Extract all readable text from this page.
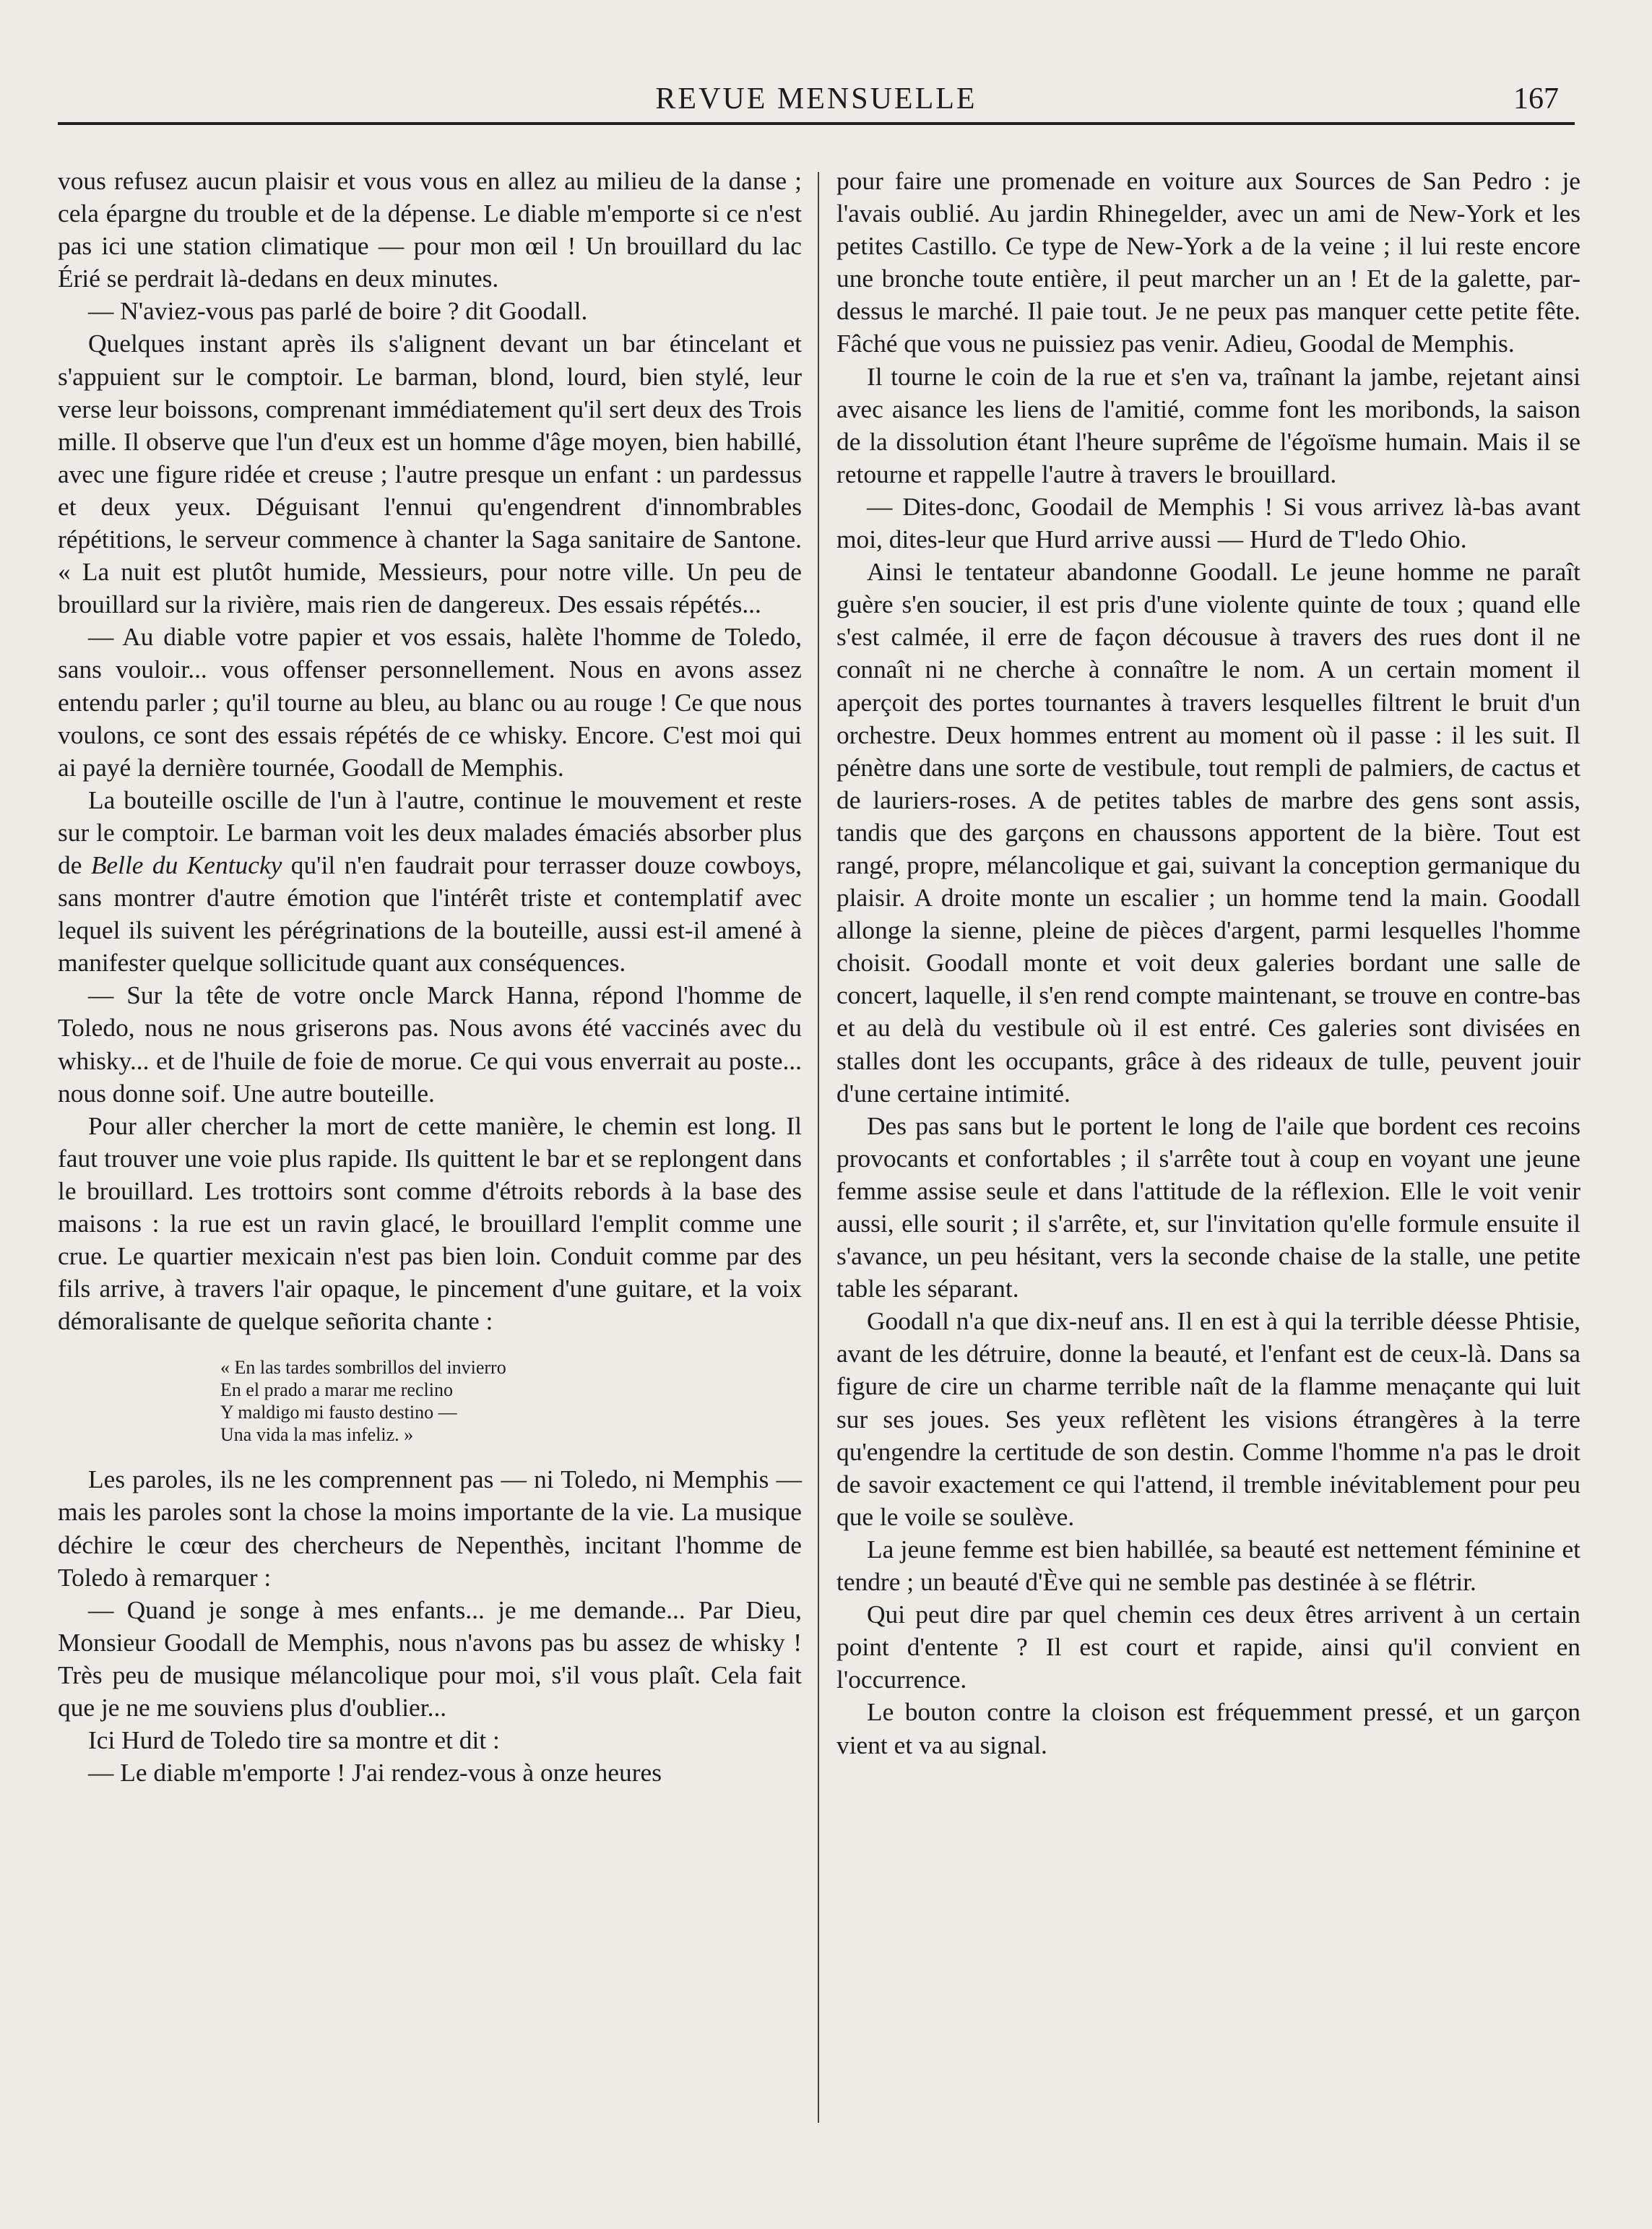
REVUE MENSUELLE	167

vous refusez aucun plaisir et vous vous en allez au milieu de la danse ; cela épargne du trouble et de la dépense. Le diable m'emporte si ce n'est pas ici une station climatique — pour mon œil ! Un brouillard du lac Érié se perdrait là-dedans en deux minutes.

— N'aviez-vous pas parlé de boire ? dit Goodall.

Quelques instant après ils s'alignent devant un bar étincelant et s'appuient sur le comptoir. Le barman, blond, lourd, bien stylé, leur verse leur boissons, comprenant immédiatement qu'il sert deux des Trois mille. Il observe que l'un d'eux est un homme d'âge moyen, bien habillé, avec une figure ridée et creuse ; l'autre presque un enfant : un pardessus et deux yeux. Déguisant l'ennui qu'engendrent d'innombrables répétitions, le serveur commence à chanter la Saga sanitaire de Santone. « La nuit est plutôt humide, Messieurs, pour notre ville. Un peu de brouillard sur la rivière, mais rien de dangereux. Des essais répétés...

— Au diable votre papier et vos essais, halète l'homme de Toledo, sans vouloir... vous offenser personnellement. Nous en avons assez entendu parler ; qu'il tourne au bleu, au blanc ou au rouge ! Ce que nous voulons, ce sont des essais répétés de ce whisky. Encore. C'est moi qui ai payé la dernière tournée, Goodall de Memphis.

La bouteille oscille de l'un à l'autre, continue le mouvement et reste sur le comptoir. Le barman voit les deux malades émaciés absorber plus de Belle du Kentucky qu'il n'en faudrait pour terrasser douze cowboys, sans montrer d'autre émotion que l'intérêt triste et contemplatif avec lequel ils suivent les pérégrinations de la bouteille, aussi est-il amené à manifester quelque sollicitude quant aux conséquences.

— Sur la tête de votre oncle Marck Hanna, répond l'homme de Toledo, nous ne nous griserons pas. Nous avons été vaccinés avec du whisky... et de l'huile de foie de morue. Ce qui vous enverrait au poste... nous donne soif. Une autre bouteille.

Pour aller chercher la mort de cette manière, le chemin est long. Il faut trouver une voie plus rapide. Ils quittent le bar et se replongent dans le brouillard. Les trottoirs sont comme d'étroits rebords à la base des maisons : la rue est un ravin glacé, le brouillard l'emplit comme une crue. Le quartier mexicain n'est pas bien loin. Conduit comme par des fils arrive, à travers l'air opaque, le pincement d'une guitare, et la voix démoralisante de quelque señorita chante :

« En las tardes sombrillos del invierro
En el prado a marar me reclino
Y maldigo mi fausto destino —
Una vida la mas infeliz. »

Les paroles, ils ne les comprennent pas — ni Toledo, ni Memphis — mais les paroles sont la chose la moins importante de la vie. La musique déchire le cœur des chercheurs de Nepenthès, incitant l'homme de Toledo à remarquer :

— Quand je songe à mes enfants... je me demande... Par Dieu, Monsieur Goodall de Memphis, nous n'avons pas bu assez de whisky ! Très peu de musique mélancolique pour moi, s'il vous plaît. Cela fait que je ne me souviens plus d'oublier...

Ici Hurd de Toledo tire sa montre et dit :

— Le diable m'emporte ! J'ai rendez-vous à onze heures

pour faire une promenade en voiture aux Sources de San Pedro : je l'avais oublié. Au jardin Rhinegelder, avec un ami de New-York et les petites Castillo. Ce type de New-York a de la veine ; il lui reste encore une bronche toute entière, il peut marcher un an ! Et de la galette, par-dessus le marché. Il paie tout. Je ne peux pas manquer cette petite fête. Fâché que vous ne puissiez pas venir. Adieu, Goodal de Memphis.

Il tourne le coin de la rue et s'en va, traînant la jambe, rejetant ainsi avec aisance les liens de l'amitié, comme font les moribonds, la saison de la dissolution étant l'heure suprême de l'égoïsme humain. Mais il se retourne et rappelle l'autre à travers le brouillard.

— Dites-donc, Goodail de Memphis ! Si vous arrivez là-bas avant moi, dites-leur que Hurd arrive aussi — Hurd de T'ledo Ohio.

Ainsi le tentateur abandonne Goodall. Le jeune homme ne paraît guère s'en soucier, il est pris d'une violente quinte de toux ; quand elle s'est calmée, il erre de façon décousue à travers des rues dont il ne connaît ni ne cherche à connaître le nom. A un certain moment il aperçoit des portes tournantes à travers lesquelles filtrent le bruit d'un orchestre. Deux hommes entrent au moment où il passe : il les suit. Il pénètre dans une sorte de vestibule, tout rempli de palmiers, de cactus et de lauriers-roses. A de petites tables de marbre des gens sont assis, tandis que des garçons en chaussons apportent de la bière. Tout est rangé, propre, mélancolique et gai, suivant la conception germanique du plaisir. A droite monte un escalier ; un homme tend la main. Goodall allonge la sienne, pleine de pièces d'argent, parmi lesquelles l'homme choisit. Goodall monte et voit deux galeries bordant une salle de concert, laquelle, il s'en rend compte maintenant, se trouve en contre-bas et au delà du vestibule où il est entré. Ces galeries sont divisées en stalles dont les occupants, grâce à des rideaux de tulle, peuvent jouir d'une certaine intimité.

Des pas sans but le portent le long de l'aile que bordent ces recoins provocants et confortables ; il s'arrête tout à coup en voyant une jeune femme assise seule et dans l'attitude de la réflexion. Elle le voit venir aussi, elle sourit ; il s'arrête, et, sur l'invitation qu'elle formule ensuite il s'avance, un peu hésitant, vers la seconde chaise de la stalle, une petite table les séparant.

Goodall n'a que dix-neuf ans. Il en est à qui la terrible déesse Phtisie, avant de les détruire, donne la beauté, et l'enfant est de ceux-là. Dans sa figure de cire un charme terrible naît de la flamme menaçante qui luit sur ses joues. Ses yeux reflètent les visions étrangères à la terre qu'engendre la certitude de son destin. Comme l'homme n'a pas le droit de savoir exactement ce qui l'attend, il tremble inévitablement pour peu que le voile se soulève.

La jeune femme est bien habillée, sa beauté est nettement féminine et tendre ; un beauté d'Ève qui ne semble pas destinée à se flétrir.

Qui peut dire par quel chemin ces deux êtres arrivent à un certain point d'entente ? Il est court et rapide, ainsi qu'il convient en l'occurrence.

Le bouton contre la cloison est fréquemment pressé, et un garçon vient et va au signal.
